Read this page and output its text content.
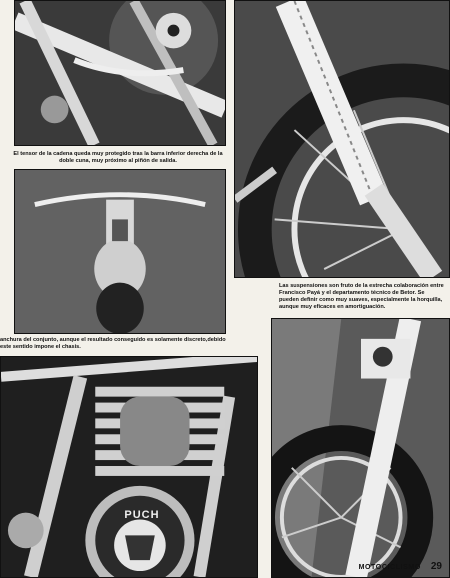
El tensor de la cadena queda muy protegido tras la barra inferior derecha de la doble cuna, muy próximo al piñón de salida.

Las suspensiones son fruto de la estrecha colaboración entre Francisco Payá y el departamento técnico de Betor. Se pueden definir como muy suaves, especialmente la horquilla, aunque muy eficaces en amortiguación.

anchura del conjunto, aunque el resultado conseguido es solamente discreto,debido este sentido impone el chasis.

PUCH
MOTOCICLISMO 29
